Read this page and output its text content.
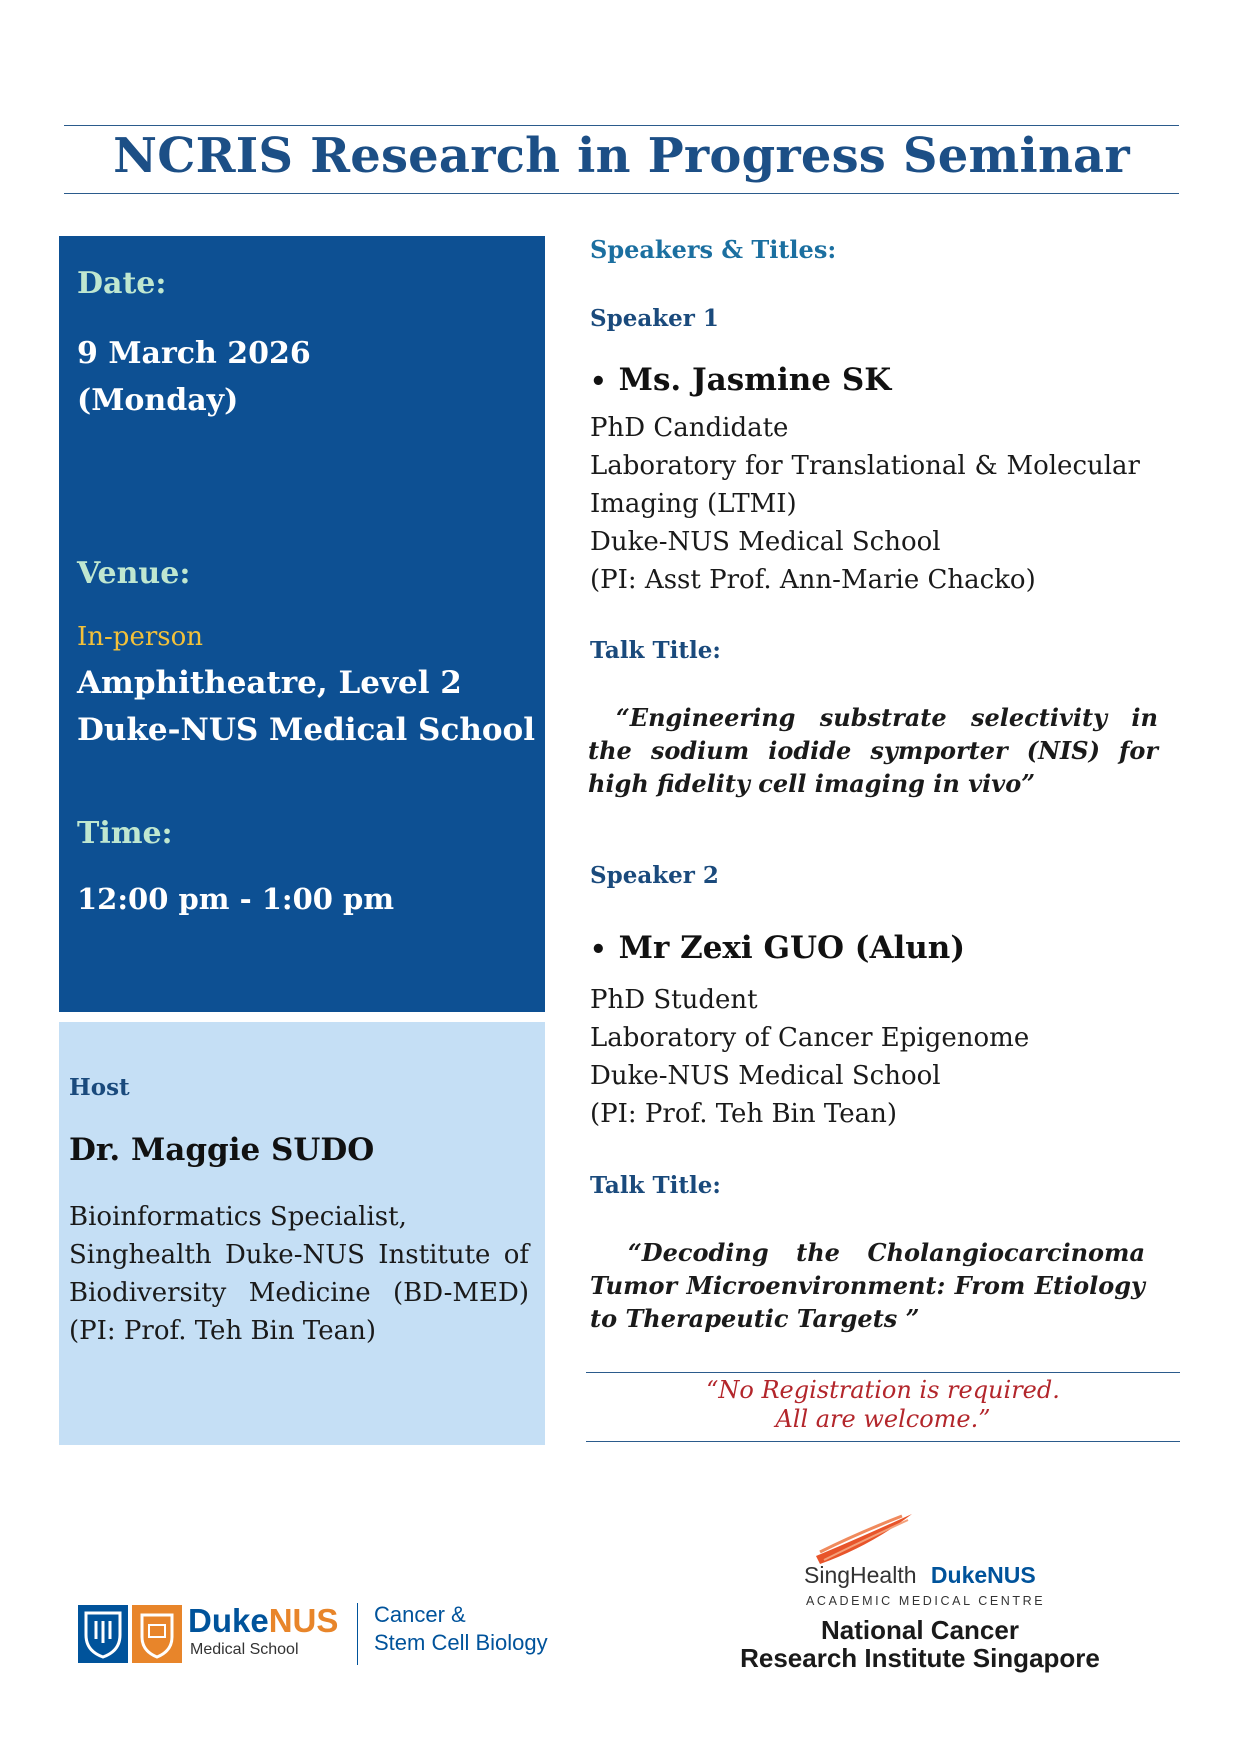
NCRIS Research in Progress Seminar
Date:
9 March 2026
(Monday)
Venue:
In-person
Amphitheatre, Level 2
Duke-NUS Medical School
Time:
12:00 pm - 1:00 pm
Host
Dr. Maggie SUDO
Bioinformatics Specialist,
Singhealth Duke-NUS Institute of
Biodiversity Medicine (BD-MED)
(PI: Prof. Teh Bin Tean)
Speakers & Titles:
Speaker 1
• Ms. Jasmine SK
PhD Candidate
Laboratory for Translational & Molecular
Imaging (LTMI)
Duke-NUS Medical School
(PI: Asst Prof. Ann-Marie Chacko)
Talk Title:
“Engineering substrate selectivity in the sodium iodide symporter (NIS) for high fidelity cell imaging in vivo”
Speaker 2
• Mr Zexi GUO (Alun)
PhD Student
Laboratory of Cancer Epigenome
Duke-NUS Medical School
(PI: Prof. Teh Bin Tean)
Talk Title:
“Decoding the Cholangiocarcinoma Tumor Microenvironment: From Etiology to Therapeutic Targets ”
“No Registration is required.
All are welcome.”
DukeNUS
Medical School
Cancer &
Stem Cell Biology
SingHealth DukeNUS
ACADEMIC MEDICAL CENTRE
National Cancer
Research Institute Singapore
